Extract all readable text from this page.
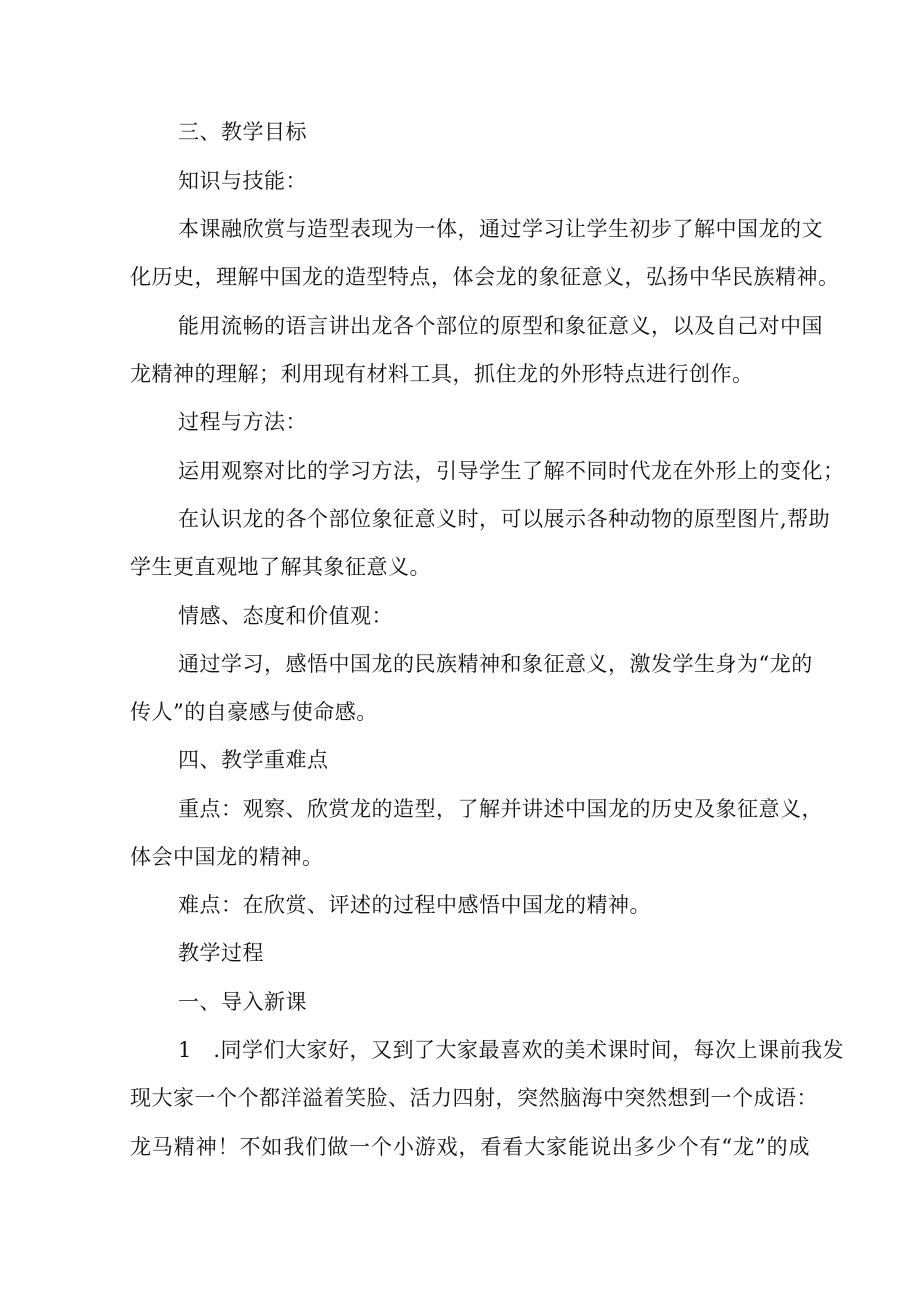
三、教学目标
知识与技能：
本课融欣赏与造型表现为一体，通过学习让学生初步了解中国龙的文
化历史，理解中国龙的造型特点，体会龙的象征意义，弘扬中华民族精神。
能用流畅的语言讲出龙各个部位的原型和象征意义，以及自己对中国
龙精神的理解；利用现有材料工具，抓住龙的外形特点进行创作。
过程与方法：
运用观察对比的学习方法，引导学生了解不同时代龙在外形上的变化；
在认识龙的各个部位象征意义时，可以展示各种动物的原型图片,帮助
学生更直观地了解其象征意义。
情感、态度和价值观：
通过学习，感悟中国龙的民族精神和象征意义，激发学生身为“龙的
传人”的自豪感与使命感。
四、教学重难点
重点：观察、欣赏龙的造型，了解并讲述中国龙的历史及象征意义，
体会中国龙的精神。
难点：在欣赏、评述的过程中感悟中国龙的精神。
教学过程
一、导入新课
1　.同学们大家好，又到了大家最喜欢的美术课时间，每次上课前我发
现大家一个个都洋溢着笑脸、活力四射，突然脑海中突然想到一个成语：
龙马精神！不如我们做一个小游戏，看看大家能说出多少个有“龙”的成
